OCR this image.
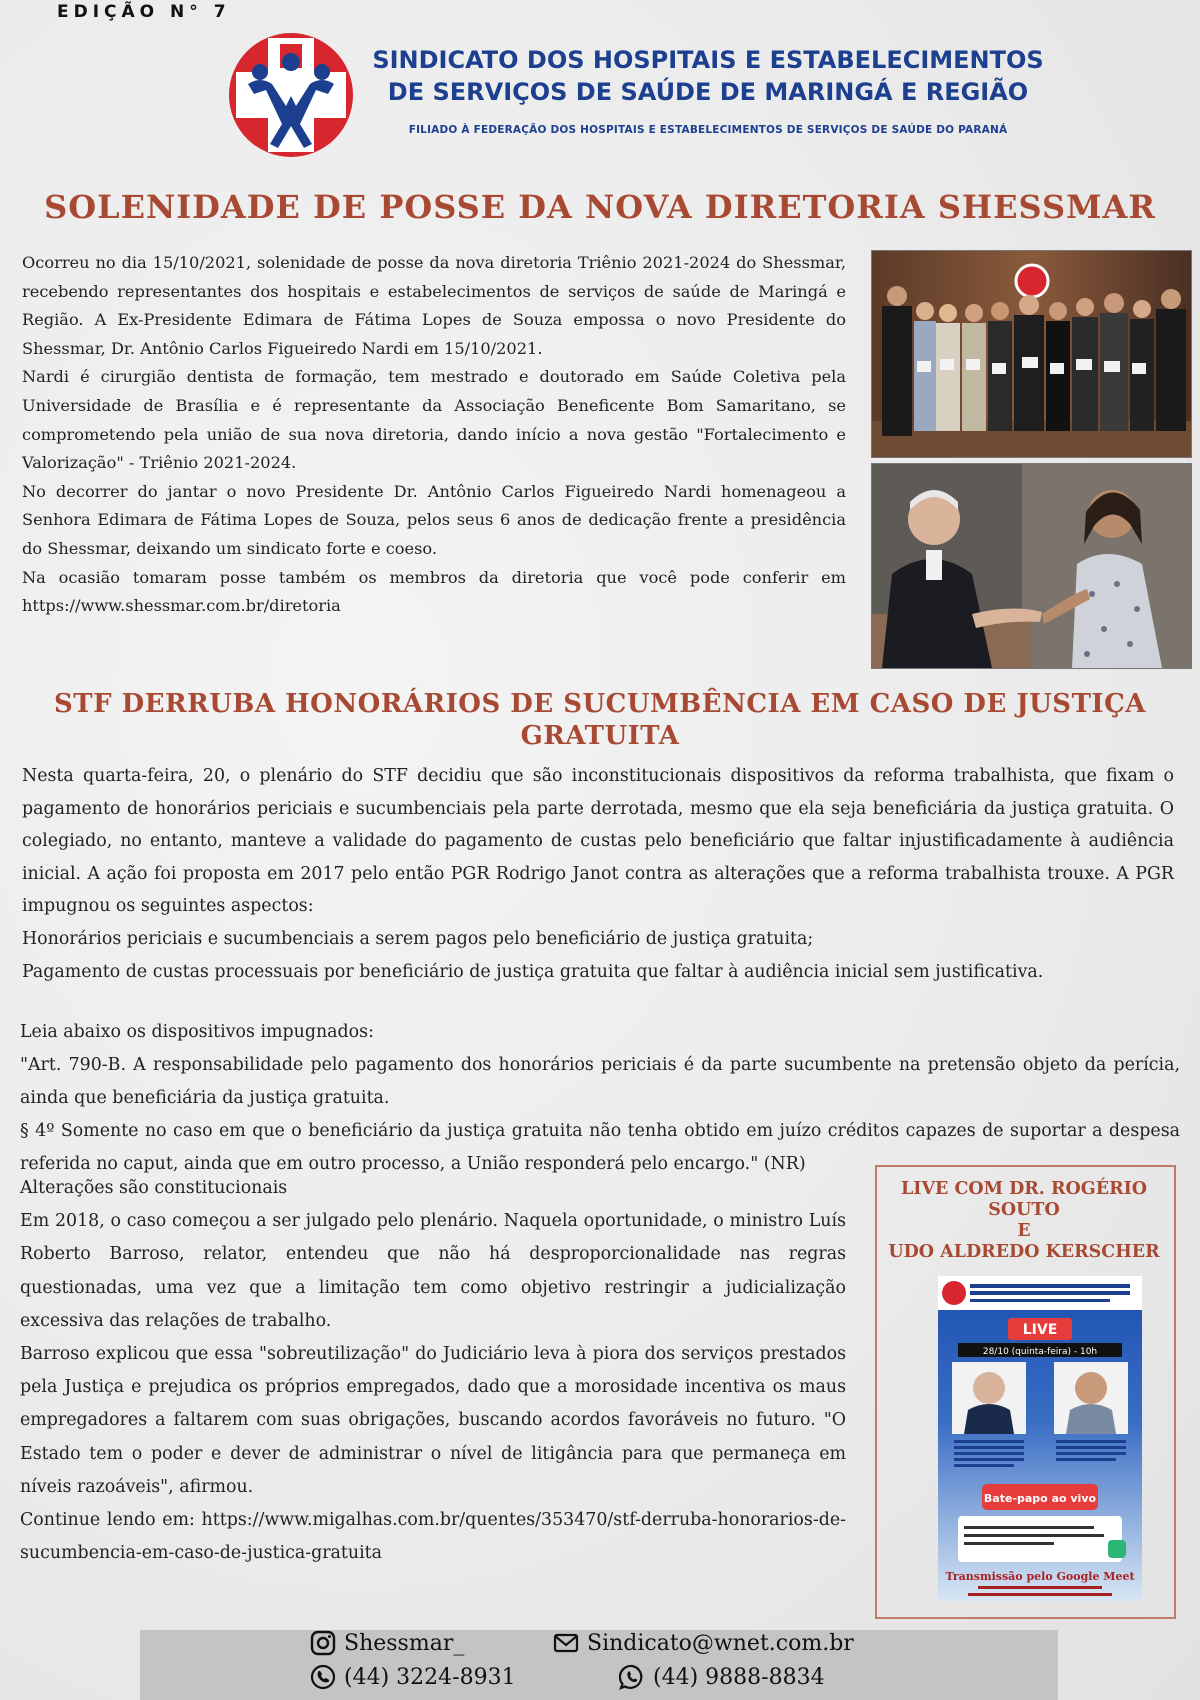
EDIÇÃO N° 7
SINDICATO DOS HOSPITAIS E ESTABELECIMENTOS
DE SERVIÇOS DE SAÚDE DE MARINGÁ E REGIÃO
FILIADO À FEDERAÇÃO DOS HOSPITAIS E ESTABELECIMENTOS DE SERVIÇOS DE SAÚDE DO PARANÁ
SOLENIDADE DE POSSE DA NOVA DIRETORIA SHESSMAR

Ocorreu no dia 15/10/2021, solenidade de posse da nova diretoria Triênio 2021-2024 do Shessmar, recebendo representantes dos hospitais e estabelecimentos de serviços de saúde de Maringá e Região. A Ex-Presidente Edimara de Fátima Lopes de Souza empossa o novo Presidente do Shessmar, Dr. Antônio Carlos Figueiredo Nardi em 15/10/2021.

Nardi é cirurgião dentista de formação, tem mestrado e doutorado em Saúde Coletiva pela Universidade de Brasília e é representante da Associação Beneficente Bom Samaritano, se comprometendo pela união de sua nova diretoria, dando início a nova gestão "Fortalecimento e Valorização" - Triênio 2021-2024.

No decorrer do jantar o novo Presidente Dr. Antônio Carlos Figueiredo Nardi homenageou a Senhora Edimara de Fátima Lopes de Souza, pelos seus 6 anos de dedicação frente a presidência do Shessmar, deixando um sindicato forte e coeso.

Na ocasião tomaram posse também os membros da diretoria que você pode conferir em https://www.shessmar.com.br/diretoria

STF DERRUBA HONORÁRIOS DE SUCUMBÊNCIA EM CASO DE JUSTIÇA GRATUITA

Nesta quarta-feira, 20, o plenário do STF decidiu que são inconstitucionais dispositivos da reforma trabalhista, que fixam o pagamento de honorários periciais e sucumbenciais pela parte derrotada, mesmo que ela seja beneficiária da justiça gratuita. O colegiado, no entanto, manteve a validade do pagamento de custas pelo beneficiário que faltar injustificadamente à audiência inicial. A ação foi proposta em 2017 pelo então PGR Rodrigo Janot contra as alterações que a reforma trabalhista trouxe. A PGR impugnou os seguintes aspectos:

Honorários periciais e sucumbenciais a serem pagos pelo beneficiário de justiça gratuita;

Pagamento de custas processuais por beneficiário de justiça gratuita que faltar à audiência inicial sem justificativa.

Leia abaixo os dispositivos impugnados:

"Art. 790-B. A responsabilidade pelo pagamento dos honorários periciais é da parte sucumbente na pretensão objeto da perícia, ainda que beneficiária da justiça gratuita.

§ 4º Somente no caso em que o beneficiário da justiça gratuita não tenha obtido em juízo créditos capazes de suportar a despesa referida no caput, ainda que em outro processo, a União responderá pelo encargo." (NR)

Alterações são constitucionais

Em 2018, o caso começou a ser julgado pelo plenário. Naquela oportunidade, o ministro Luís Roberto Barroso, relator, entendeu que não há desproporcionalidade nas regras questionadas, uma vez que a limitação tem como objetivo restringir a judicialização excessiva das relações de trabalho.

Barroso explicou que essa "sobreutilização" do Judiciário leva à piora dos serviços prestados pela Justiça e prejudica os próprios empregados, dado que a morosidade incentiva os maus empregadores a faltarem com suas obrigações, buscando acordos favoráveis no futuro. "O Estado tem o poder e dever de administrar o nível de litigância para que permaneça em níveis razoáveis", afirmou.

Continue lendo em: https://www.migalhas.com.br/quentes/353470/stf-derruba-honorarios-de-sucumbencia-em-caso-de-justica-gratuita

LIVE COM DR. ROGÉRIO SOUTO
E
UDO ALDREDO KERSCHER
LIVE
28/10 (quinta-feira) - 10h
Bate-papo ao vivo
Transmissão pelo Google Meet
Shessmar_	Sindicato@wnet.com.br
(44) 3224-8931	(44) 9888-8834
